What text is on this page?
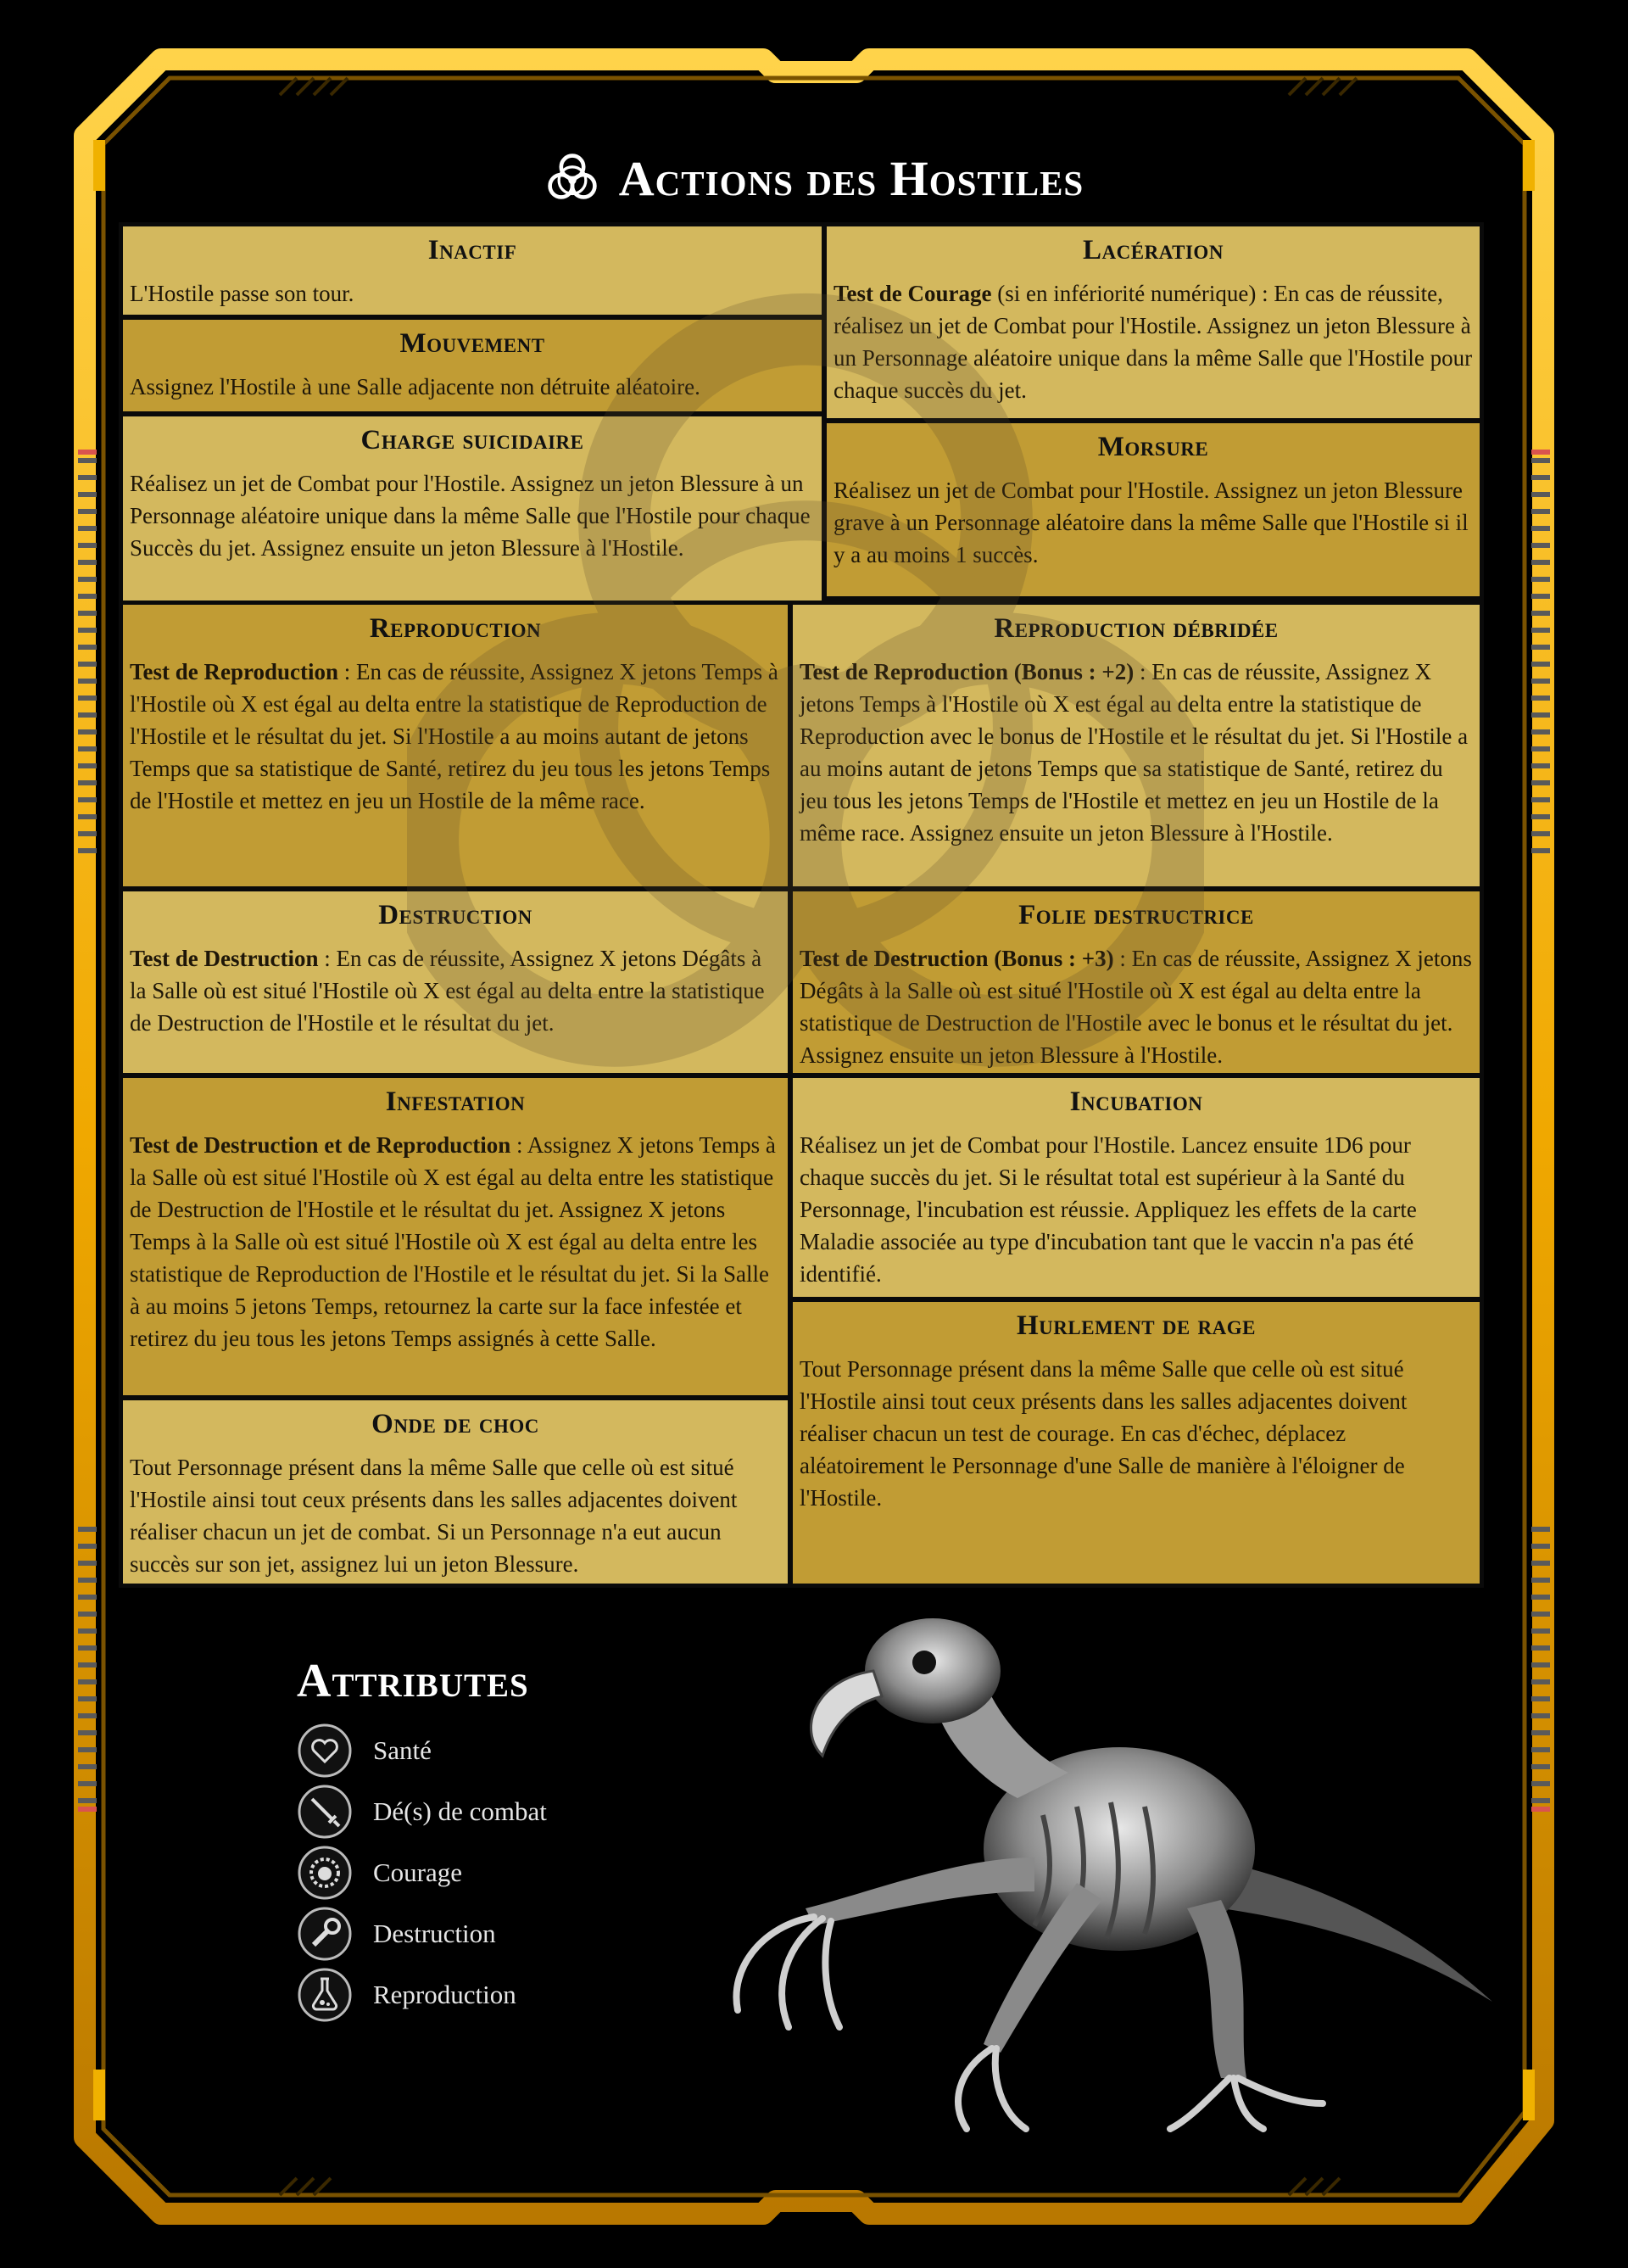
Actions des Hostiles
Inactif

L'Hostile passe son tour.

Mouvement

Assignez l'Hostile à une Salle adjacente non détruite aléatoire.

Charge suicidaire

Réalisez un jet de Combat pour l'Hostile. Assignez un jeton Blessure à un Personnage aléatoire unique dans la même Salle que l'Hostile pour chaque Succès du jet. Assignez ensuite un jeton Blessure à l'Hostile.

Lacération

Test de Courage (si en infériorité numérique) : En cas de réussite, réalisez un jet de Combat pour l'Hostile. Assignez un jeton Blessure à un Personnage aléatoire unique dans la même Salle que l'Hostile pour chaque succès du jet.

Morsure

Réalisez un jet de Combat pour l'Hostile. Assignez un jeton Blessure grave à un Personnage aléatoire dans la même Salle que l'Hostile si il y a au moins 1 succès.

Reproduction

Test de Reproduction : En cas de réussite, Assignez X jetons Temps à l'Hostile où X est égal au delta entre la statistique de Reproduction de l'Hostile et le résultat du jet. Si l'Hostile a au moins autant de jetons Temps que sa statistique de Santé, retirez du jeu tous les jetons Temps de l'Hostile et mettez en jeu un Hostile de la même race.

Reproduction débridée

Test de Reproduction (Bonus : +2) : En cas de réussite, Assignez X jetons Temps à l'Hostile où X est égal au delta entre la statistique de Reproduction avec le bonus de l'Hostile et le résultat du jet. Si l'Hostile a au moins autant de jetons Temps que sa statistique de Santé, retirez du jeu tous les jetons Temps de l'Hostile et mettez en jeu un Hostile de la même race. Assignez ensuite un jeton Blessure à l'Hostile.

Destruction

Test de Destruction : En cas de réussite, Assignez X jetons Dégâts à la Salle où est situé l'Hostile où X est égal au delta entre la statistique de Destruction de l'Hostile et le résultat du jet.

Folie destructrice

Test de Destruction (Bonus : +3) : En cas de réussite, Assignez X jetons Dégâts à la Salle où est situé l'Hostile où X est égal au delta entre la statistique de Destruction de l'Hostile avec le bonus et le résultat du jet. Assignez ensuite un jeton Blessure à l'Hostile.

Infestation

Test de Destruction et de Reproduction : Assignez X jetons Temps à la Salle où est situé l'Hostile où X est égal au delta entre les statistique de Destruction de l'Hostile et le résultat du jet. Assignez X jetons Temps à la Salle où est situé l'Hostile où X est égal au delta entre les statistique de Reproduction de l'Hostile et le résultat du jet. Si la Salle à au moins 5 jetons Temps, retournez la carte sur la face infestée et retirez du jeu tous les jetons Temps assignés à cette Salle.

Incubation

Réalisez un jet de Combat pour l'Hostile. Lancez ensuite 1D6 pour chaque succès du jet. Si le résultat total est supérieur à la Santé du Personnage, l'incubation est réussie. Appliquez les effets de la carte Maladie associée au type d'incubation tant que le vaccin n'a pas été identifié.

Onde de choc

Tout Personnage présent dans la même Salle que celle où est situé l'Hostile ainsi tout ceux présents dans les salles adjacentes doivent réaliser chacun un jet de combat. Si un Personnage n'a eut aucun succès sur son jet, assignez lui un jeton Blessure.

Hurlement de rage

Tout Personnage présent dans la même Salle que celle où est situé l'Hostile ainsi tout ceux présents dans les salles adjacentes doivent réaliser chacun un test de courage. En cas d'échec, déplacez aléatoirement le Personnage d'une Salle de manière à l'éloigner de l'Hostile.

Attributes
Santé
Dé(s) de combat
Courage
Destruction
Reproduction
